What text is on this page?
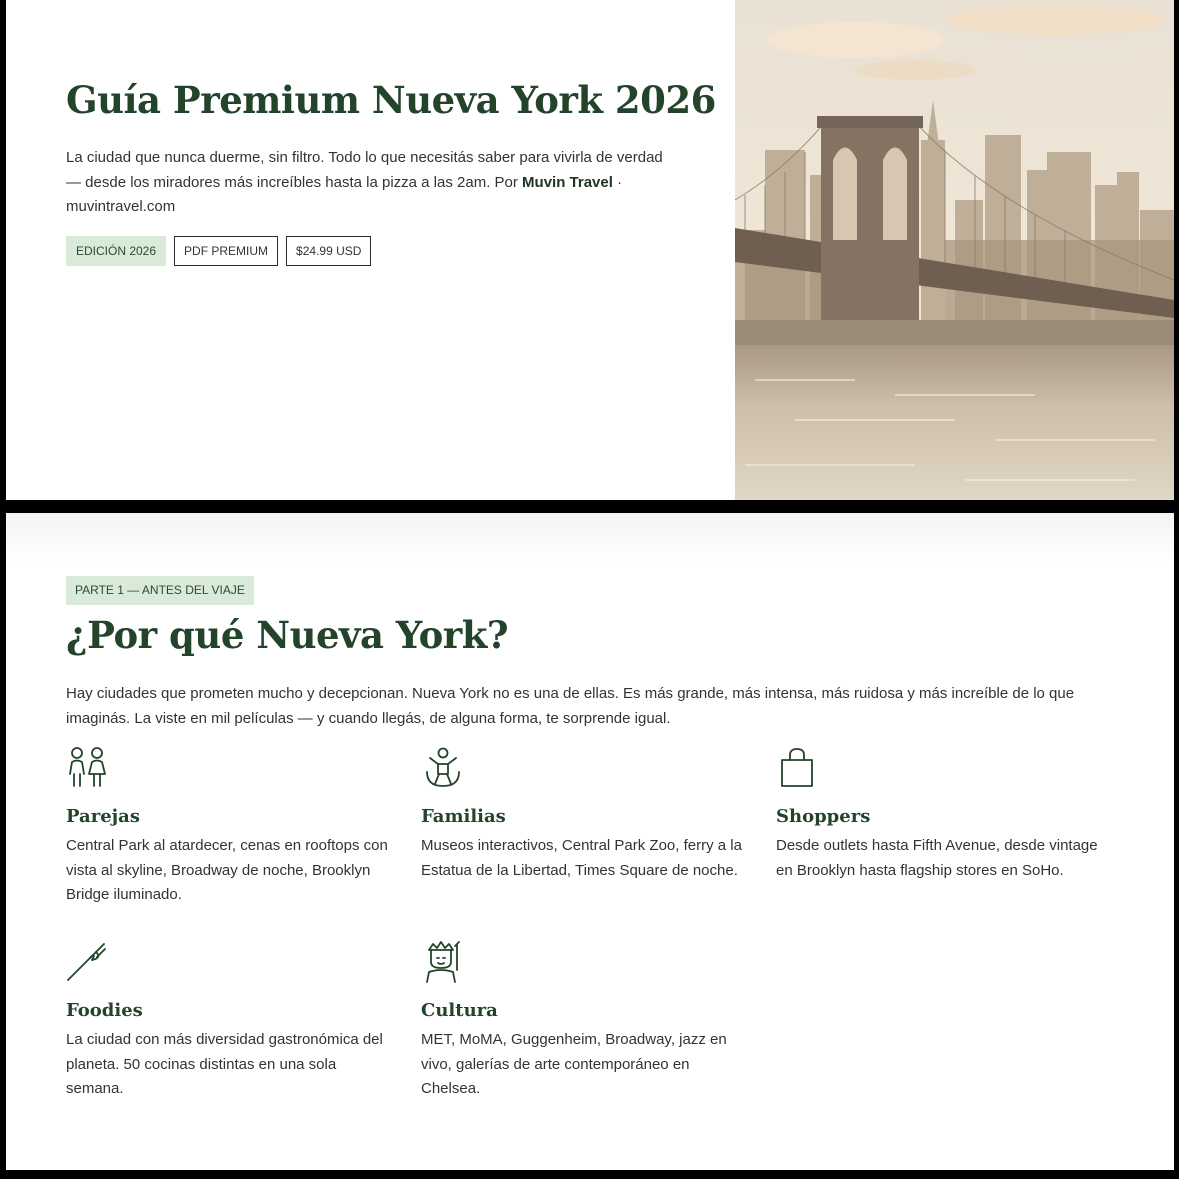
Guía Premium Nueva York 2026

La ciudad que nunca duerme, sin filtro. Todo lo que necesitás saber para vivirla de verdad — desde los miradores más increíbles hasta la pizza a las 2am. Por Muvin Travel · muvintravel.com

EDICIÓN 2026	PDF PREMIUM	$24.99 USD
PARTE 1 — ANTES DEL VIAJE
¿Por qué Nueva York?

Hay ciudades que prometen mucho y decepcionan. Nueva York no es una de ellas. Es más grande, más intensa, más ruidosa y más increíble de lo que imaginás. La viste en mil películas — y cuando llegás, de alguna forma, te sorprende igual.

Parejas

Central Park al atardecer, cenas en rooftops con vista al skyline, Broadway de noche, Brooklyn Bridge iluminado.

Familias

Museos interactivos, Central Park Zoo, ferry a la Estatua de la Libertad, Times Square de noche.

Shoppers

Desde outlets hasta Fifth Avenue, desde vintage en Brooklyn hasta flagship stores en SoHo.

Foodies

La ciudad con más diversidad gastronómica del planeta. 50 cocinas distintas en una sola semana.

Cultura

MET, MoMA, Guggenheim, Broadway, jazz en vivo, galerías de arte contemporáneo en Chelsea.
